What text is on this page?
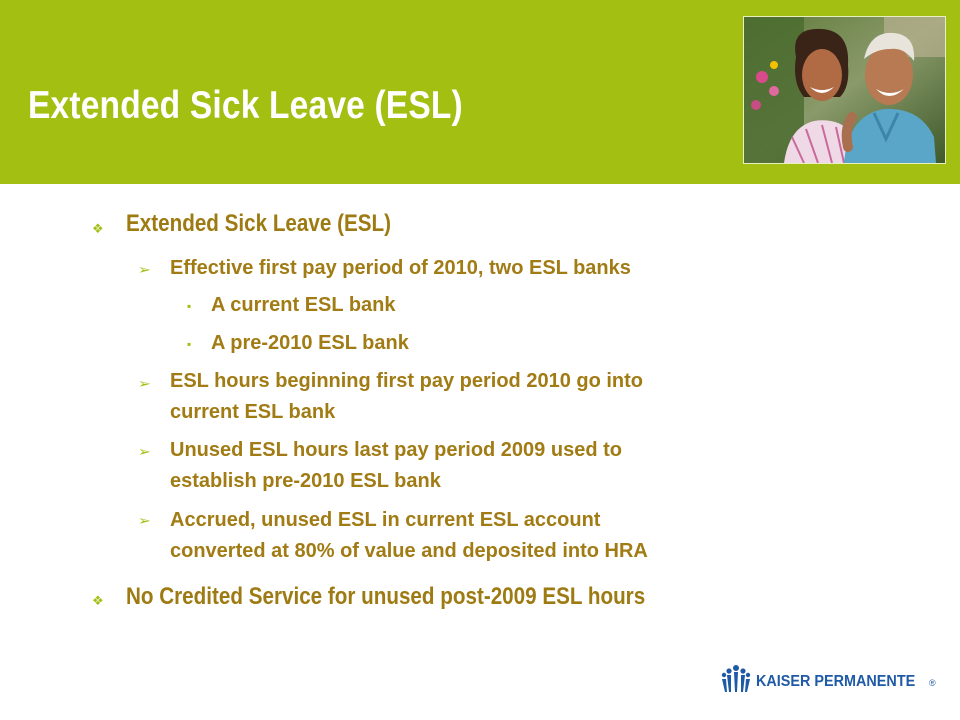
Extended Sick Leave (ESL)
❖ Extended Sick Leave (ESL)
➢ Effective first pay period of 2010, two ESL banks
▪ A current ESL bank
▪ A pre-2010 ESL bank
➢ ESL hours beginning first pay period 2010 go into
current ESL bank
➢ Unused ESL hours last pay period 2009 used to
establish pre-2010 ESL bank
➢ Accrued, unused ESL in current ESL account
converted at 80% of value and deposited into HRA
❖ No Credited Service for unused post-2009 ESL hours
KAISER PERMANENTE ®
